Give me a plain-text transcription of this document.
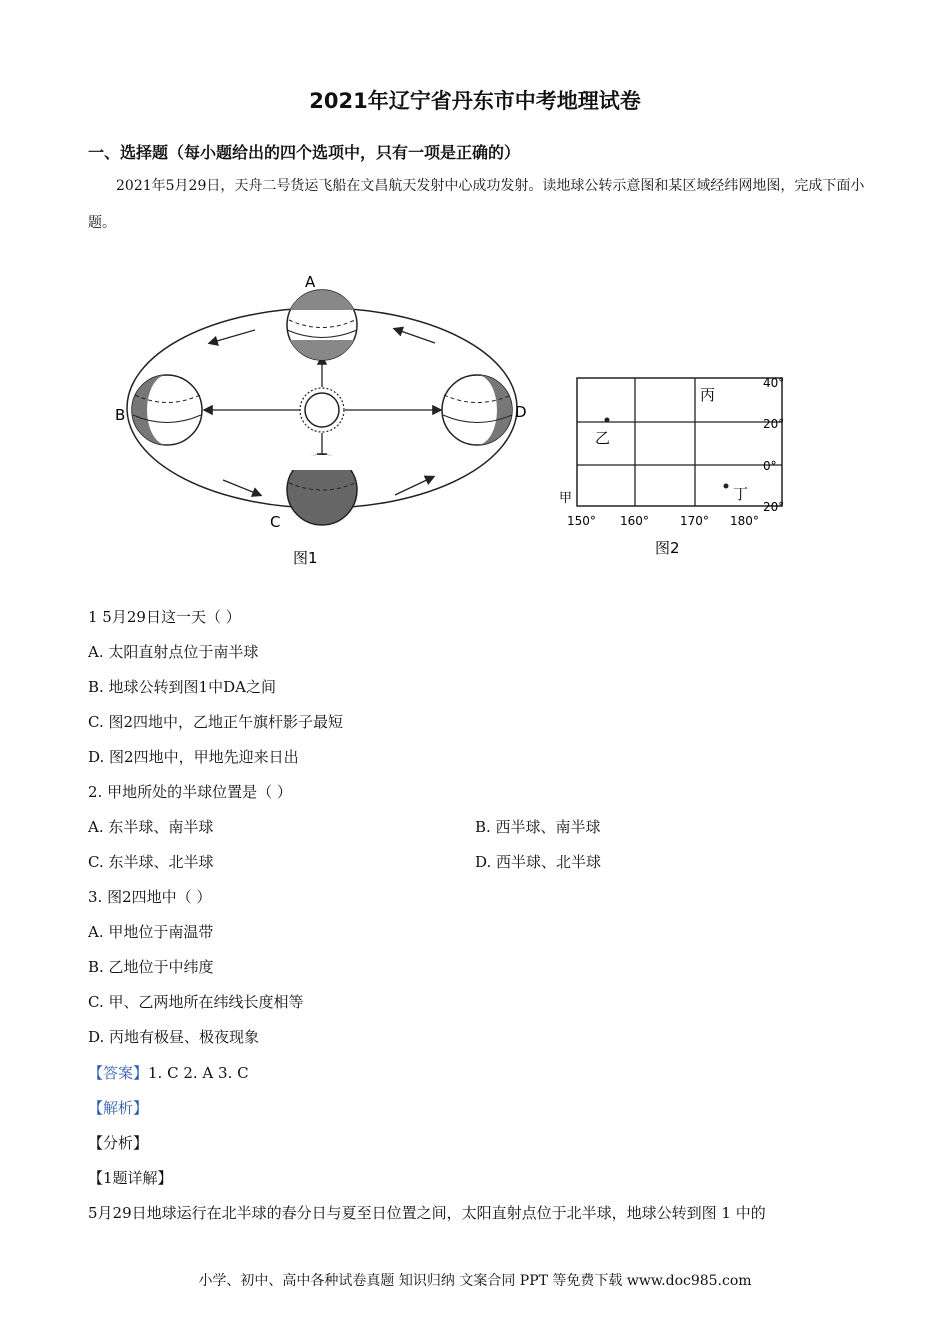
2021年辽宁省丹东市中考地理试卷
一、选择题（每小题给出的四个选项中，只有一项是正确的）
2021年5月29日，天舟二号货运飞船在文昌航天发射中心成功发射。读地球公转示意图和某区域经纬网地图，完成下面小题。
A
B
C
D
图1
40°
20°
0°
20°
150° 160°	170° 180°
甲
乙
丙
丁
图2
1 5月29日这一天（ ）
A. 太阳直射点位于南半球
B. 地球公转到图1中DA之间
C. 图2四地中，乙地正午旗杆影子最短
D. 图2四地中，甲地先迎来日出
2. 甲地所处的半球位置是（ ）
A. 东半球、南半球	B. 西半球、南半球
C. 东半球、北半球	D. 西半球、北半球
3. 图2四地中（ ）
A. 甲地位于南温带
B. 乙地位于中纬度
C. 甲、乙两地所在纬线长度相等
D. 丙地有极昼、极夜现象
【答案】1. C 2. A 3. C
【解析】
【分析】
【1题详解】
5月29日地球运行在北半球的春分日与夏至日位置之间，太阳直射点位于北半球，地球公转到图 1 中的
小学、初中、高中各种试卷真题 知识归纳 文案合同 PPT 等免费下载 www.doc985.com
